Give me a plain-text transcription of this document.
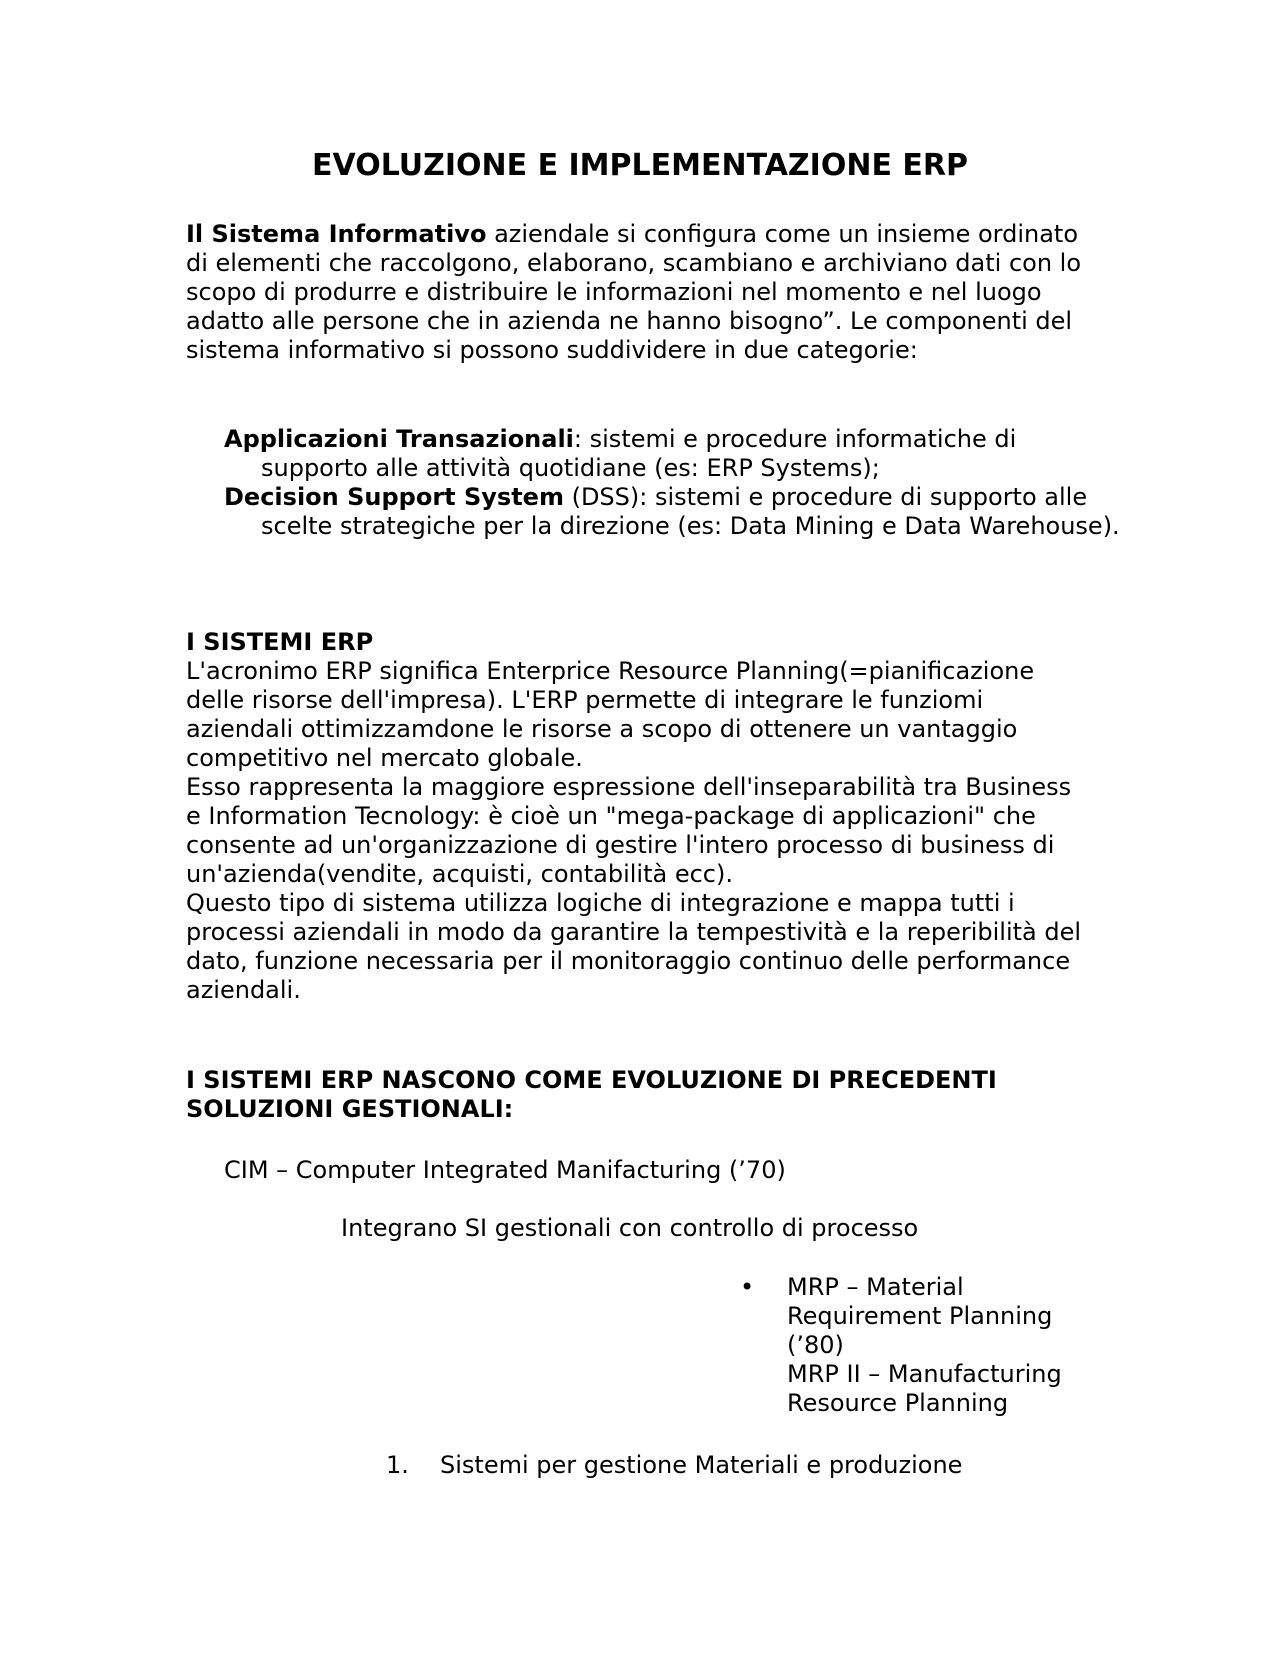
EVOLUZIONE E IMPLEMENTAZIONE ERP
Il Sistema Informativo aziendale si configura come un insieme ordinato di elementi che raccolgono, elaborano, scambiano e archiviano dati con lo scopo di produrre e distribuire le informazioni nel momento e nel luogo adatto alle persone che in azienda ne hanno bisogno”. Le componenti del sistema informativo si possono suddividere in due categorie:
Applicazioni Transazionali: sistemi e procedure informatiche di supporto alle attività quotidiane (es: ERP Systems);
Decision Support System (DSS): sistemi e procedure di supporto alle scelte strategiche per la direzione (es: Data Mining e Data Warehouse).
I SISTEMI ERP
L'acronimo ERP significa Enterprice Resource Planning(=pianificazione delle risorse dell'impresa). L'ERP permette di integrare le funziomi aziendali ottimizzamdone le risorse a scopo di ottenere un vantaggio competitivo nel mercato globale.
Esso rappresenta la maggiore espressione dell'inseparabilità tra Business e Information Tecnology: è cioè un "mega-package di applicazioni" che consente ad un'organizzazione di gestire l'intero processo di business di un'azienda(vendite, acquisti, contabilità ecc).
Questo tipo di sistema utilizza logiche di integrazione e mappa tutti i processi aziendali in modo da garantire la tempestività e la reperibilità del dato, funzione necessaria per il monitoraggio continuo delle performance aziendali.
I SISTEMI ERP NASCONO COME EVOLUZIONE DI PRECEDENTI
SOLUZIONI GESTIONALI:
CIM – Computer Integrated Manifacturing (’70)
Integrano SI gestionali con controllo di processo
• MRP – Material
Requirement Planning
(’80)
MRP II – Manufacturing
Resource Planning
1. Sistemi per gestione Materiali e produzione
